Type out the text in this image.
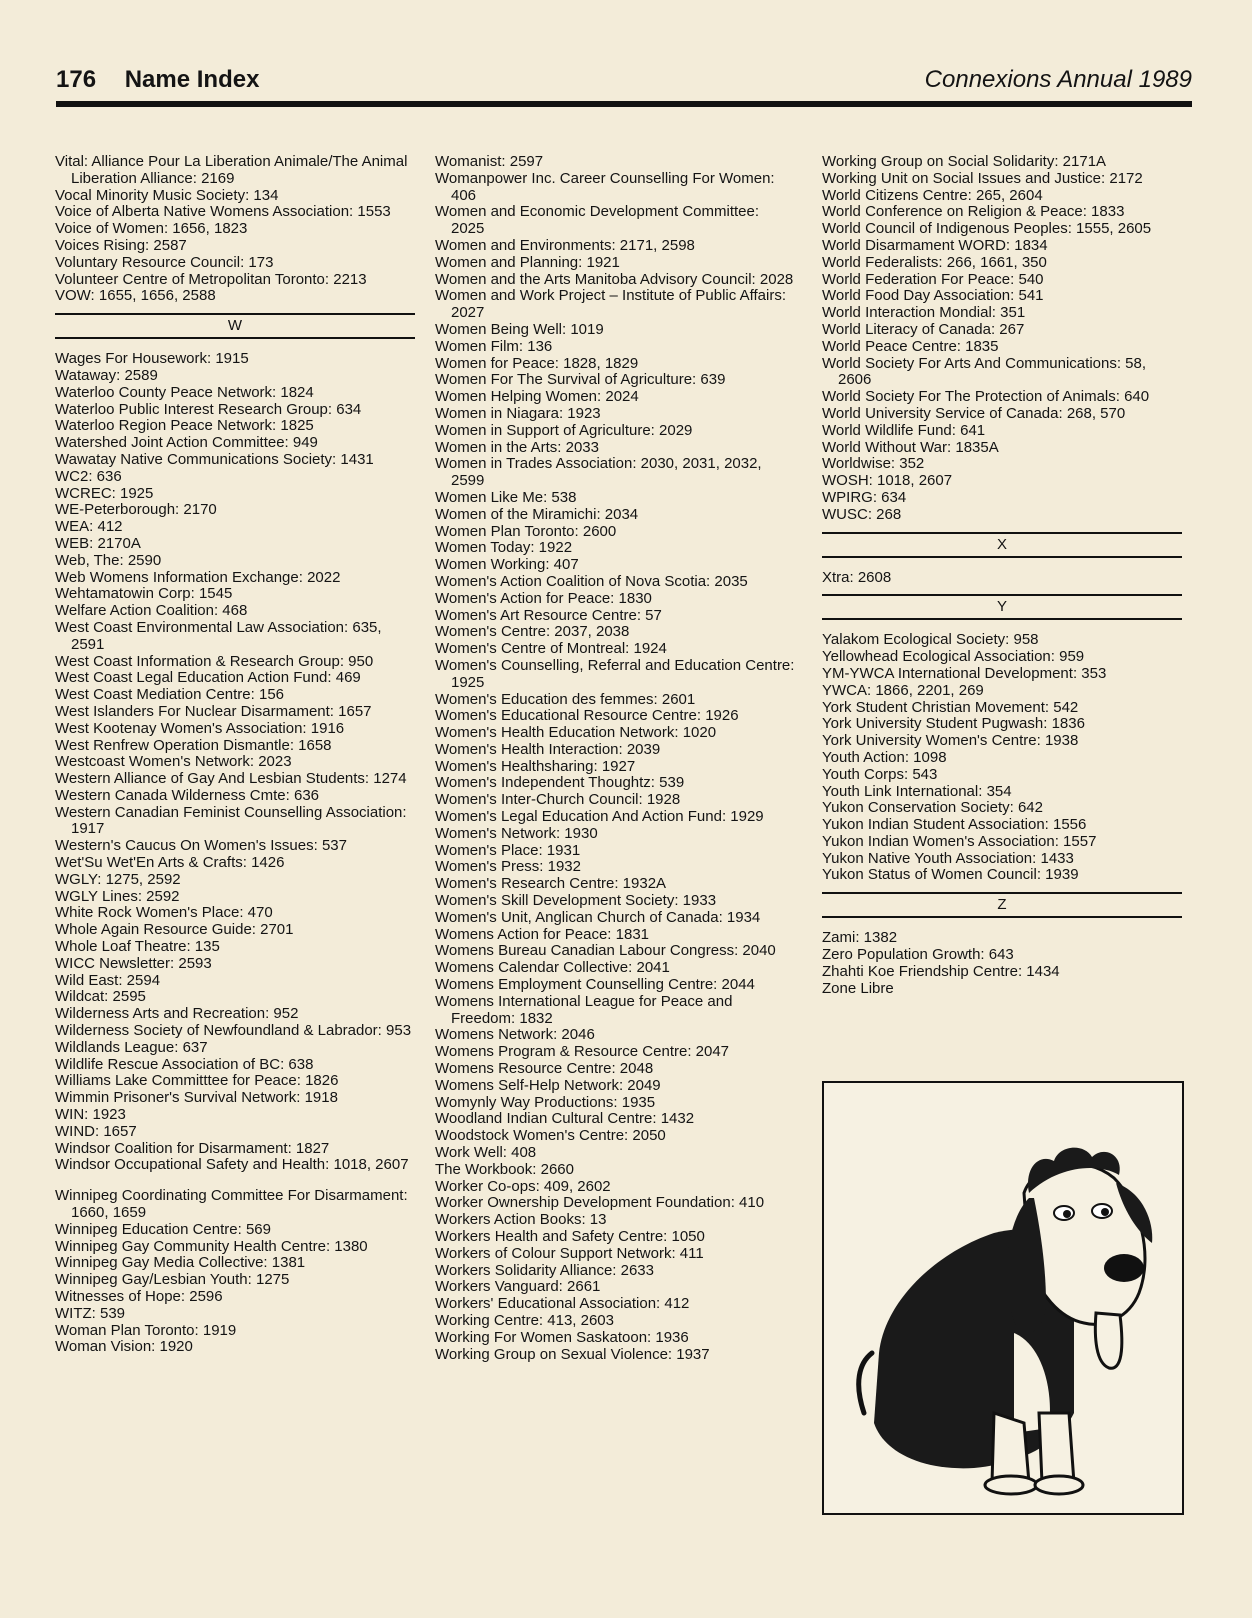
176 Name Index	Connexions Annual 1989
Vital: Alliance Pour La Liberation Animale/The Animal Liberation Alliance: 2169
Vocal Minority Music Society: 134
Voice of Alberta Native Womens Association: 1553
Voice of Women: 1656, 1823
Voices Rising: 2587
Voluntary Resource Council: 173
Volunteer Centre of Metropolitan Toronto: 2213
VOW: 1655, 1656, 2588
W
Wages For Housework: 1915
Wataway: 2589
Waterloo County Peace Network: 1824
Waterloo Public Interest Research Group: 634
Waterloo Region Peace Network: 1825
Watershed Joint Action Committee: 949
Wawatay Native Communications Society: 1431
WC2: 636
WCREC: 1925
WE-Peterborough: 2170
WEA: 412
WEB: 2170A
Web, The: 2590
Web Womens Information Exchange: 2022
Wehtamatowin Corp: 1545
Welfare Action Coalition: 468
West Coast Environmental Law Association: 635, 2591
West Coast Information & Research Group: 950
West Coast Legal Education Action Fund: 469
West Coast Mediation Centre: 156
West Islanders For Nuclear Disarmament: 1657
West Kootenay Women's Association: 1916
West Renfrew Operation Dismantle: 1658
Westcoast Women's Network: 2023
Western Alliance of Gay And Lesbian Students: 1274
Western Canada Wilderness Cmte: 636
Western Canadian Feminist Counselling Association: 1917
Western's Caucus On Women's Issues: 537
Wet'Su Wet'En Arts & Crafts: 1426
WGLY: 1275, 2592
WGLY Lines: 2592
White Rock Women's Place: 470
Whole Again Resource Guide: 2701
Whole Loaf Theatre: 135
WICC Newsletter: 2593
Wild East: 2594
Wildcat: 2595
Wilderness Arts and Recreation: 952
Wilderness Society of Newfoundland & Labrador: 953
Wildlands League: 637
Wildlife Rescue Association of BC: 638
Williams Lake Committtee for Peace: 1826
Wimmin Prisoner's Survival Network: 1918
WIN: 1923
WIND: 1657
Windsor Coalition for Disarmament: 1827
Windsor Occupational Safety and Health: 1018, 2607
Winnipeg Coordinating Committee For Disarmament: 1660, 1659
Winnipeg Education Centre: 569
Winnipeg Gay Community Health Centre: 1380
Winnipeg Gay Media Collective: 1381
Winnipeg Gay/Lesbian Youth: 1275
Witnesses of Hope: 2596
WITZ: 539
Woman Plan Toronto: 1919
Woman Vision: 1920
Womanist: 2597
Womanpower Inc. Career Counselling For Women: 406
Women and Economic Development Committee: 2025
Women and Environments: 2171, 2598
Women and Planning: 1921
Women and the Arts Manitoba Advisory Council: 2028
Women and Work Project – Institute of Public Affairs: 2027
Women Being Well: 1019
Women Film: 136
Women for Peace: 1828, 1829
Women For The Survival of Agriculture: 639
Women Helping Women: 2024
Women in Niagara: 1923
Women in Support of Agriculture: 2029
Women in the Arts: 2033
Women in Trades Association: 2030, 2031, 2032, 2599
Women Like Me: 538
Women of the Miramichi: 2034
Women Plan Toronto: 2600
Women Today: 1922
Women Working: 407
Women's Action Coalition of Nova Scotia: 2035
Women's Action for Peace: 1830
Women's Art Resource Centre: 57
Women's Centre: 2037, 2038
Women's Centre of Montreal: 1924
Women's Counselling, Referral and Education Centre: 1925
Women's Education des femmes: 2601
Women's Educational Resource Centre: 1926
Women's Health Education Network: 1020
Women's Health Interaction: 2039
Women's Healthsharing: 1927
Women's Independent Thoughtz: 539
Women's Inter-Church Council: 1928
Women's Legal Education And Action Fund: 1929
Women's Network: 1930
Women's Place: 1931
Women's Press: 1932
Women's Research Centre: 1932A
Women's Skill Development Society: 1933
Women's Unit, Anglican Church of Canada: 1934
Womens Action for Peace: 1831
Womens Bureau Canadian Labour Congress: 2040
Womens Calendar Collective: 2041
Womens Employment Counselling Centre: 2044
Womens International League for Peace and Freedom: 1832
Womens Network: 2046
Womens Program & Resource Centre: 2047
Womens Resource Centre: 2048
Womens Self-Help Network: 2049
Womynly Way Productions: 1935
Woodland Indian Cultural Centre: 1432
Woodstock Women's Centre: 2050
Work Well: 408
The Workbook: 2660
Worker Co-ops: 409, 2602
Worker Ownership Development Foundation: 410
Workers Action Books: 13
Workers Health and Safety Centre: 1050
Workers of Colour Support Network: 411
Workers Solidarity Alliance: 2633
Workers Vanguard: 2661
Workers' Educational Association: 412
Working Centre: 413, 2603
Working For Women Saskatoon: 1936
Working Group on Sexual Violence: 1937
Working Group on Social Solidarity: 2171A
Working Unit on Social Issues and Justice: 2172
World Citizens Centre: 265, 2604
World Conference on Religion & Peace: 1833
World Council of Indigenous Peoples: 1555, 2605
World Disarmament WORD: 1834
World Federalists: 266, 1661, 350
World Federation For Peace: 540
World Food Day Association: 541
World Interaction Mondial: 351
World Literacy of Canada: 267
World Peace Centre: 1835
World Society For Arts And Communications: 58, 2606
World Society For The Protection of Animals: 640
World University Service of Canada: 268, 570
World Wildlife Fund: 641
World Without War: 1835A
Worldwise: 352
WOSH: 1018, 2607
WPIRG: 634
WUSC: 268
X
Xtra: 2608
Y
Yalakom Ecological Society: 958
Yellowhead Ecological Association: 959
YM-YWCA International Development: 353
YWCA: 1866, 2201, 269
York Student Christian Movement: 542
York University Student Pugwash: 1836
York University Women's Centre: 1938
Youth Action: 1098
Youth Corps: 543
Youth Link International: 354
Yukon Conservation Society: 642
Yukon Indian Student Association: 1556
Yukon Indian Women's Association: 1557
Yukon Native Youth Association: 1433
Yukon Status of Women Council: 1939
Z
Zami: 1382
Zero Population Growth: 643
Zhahti Koe Friendship Centre: 1434
Zone Libre
